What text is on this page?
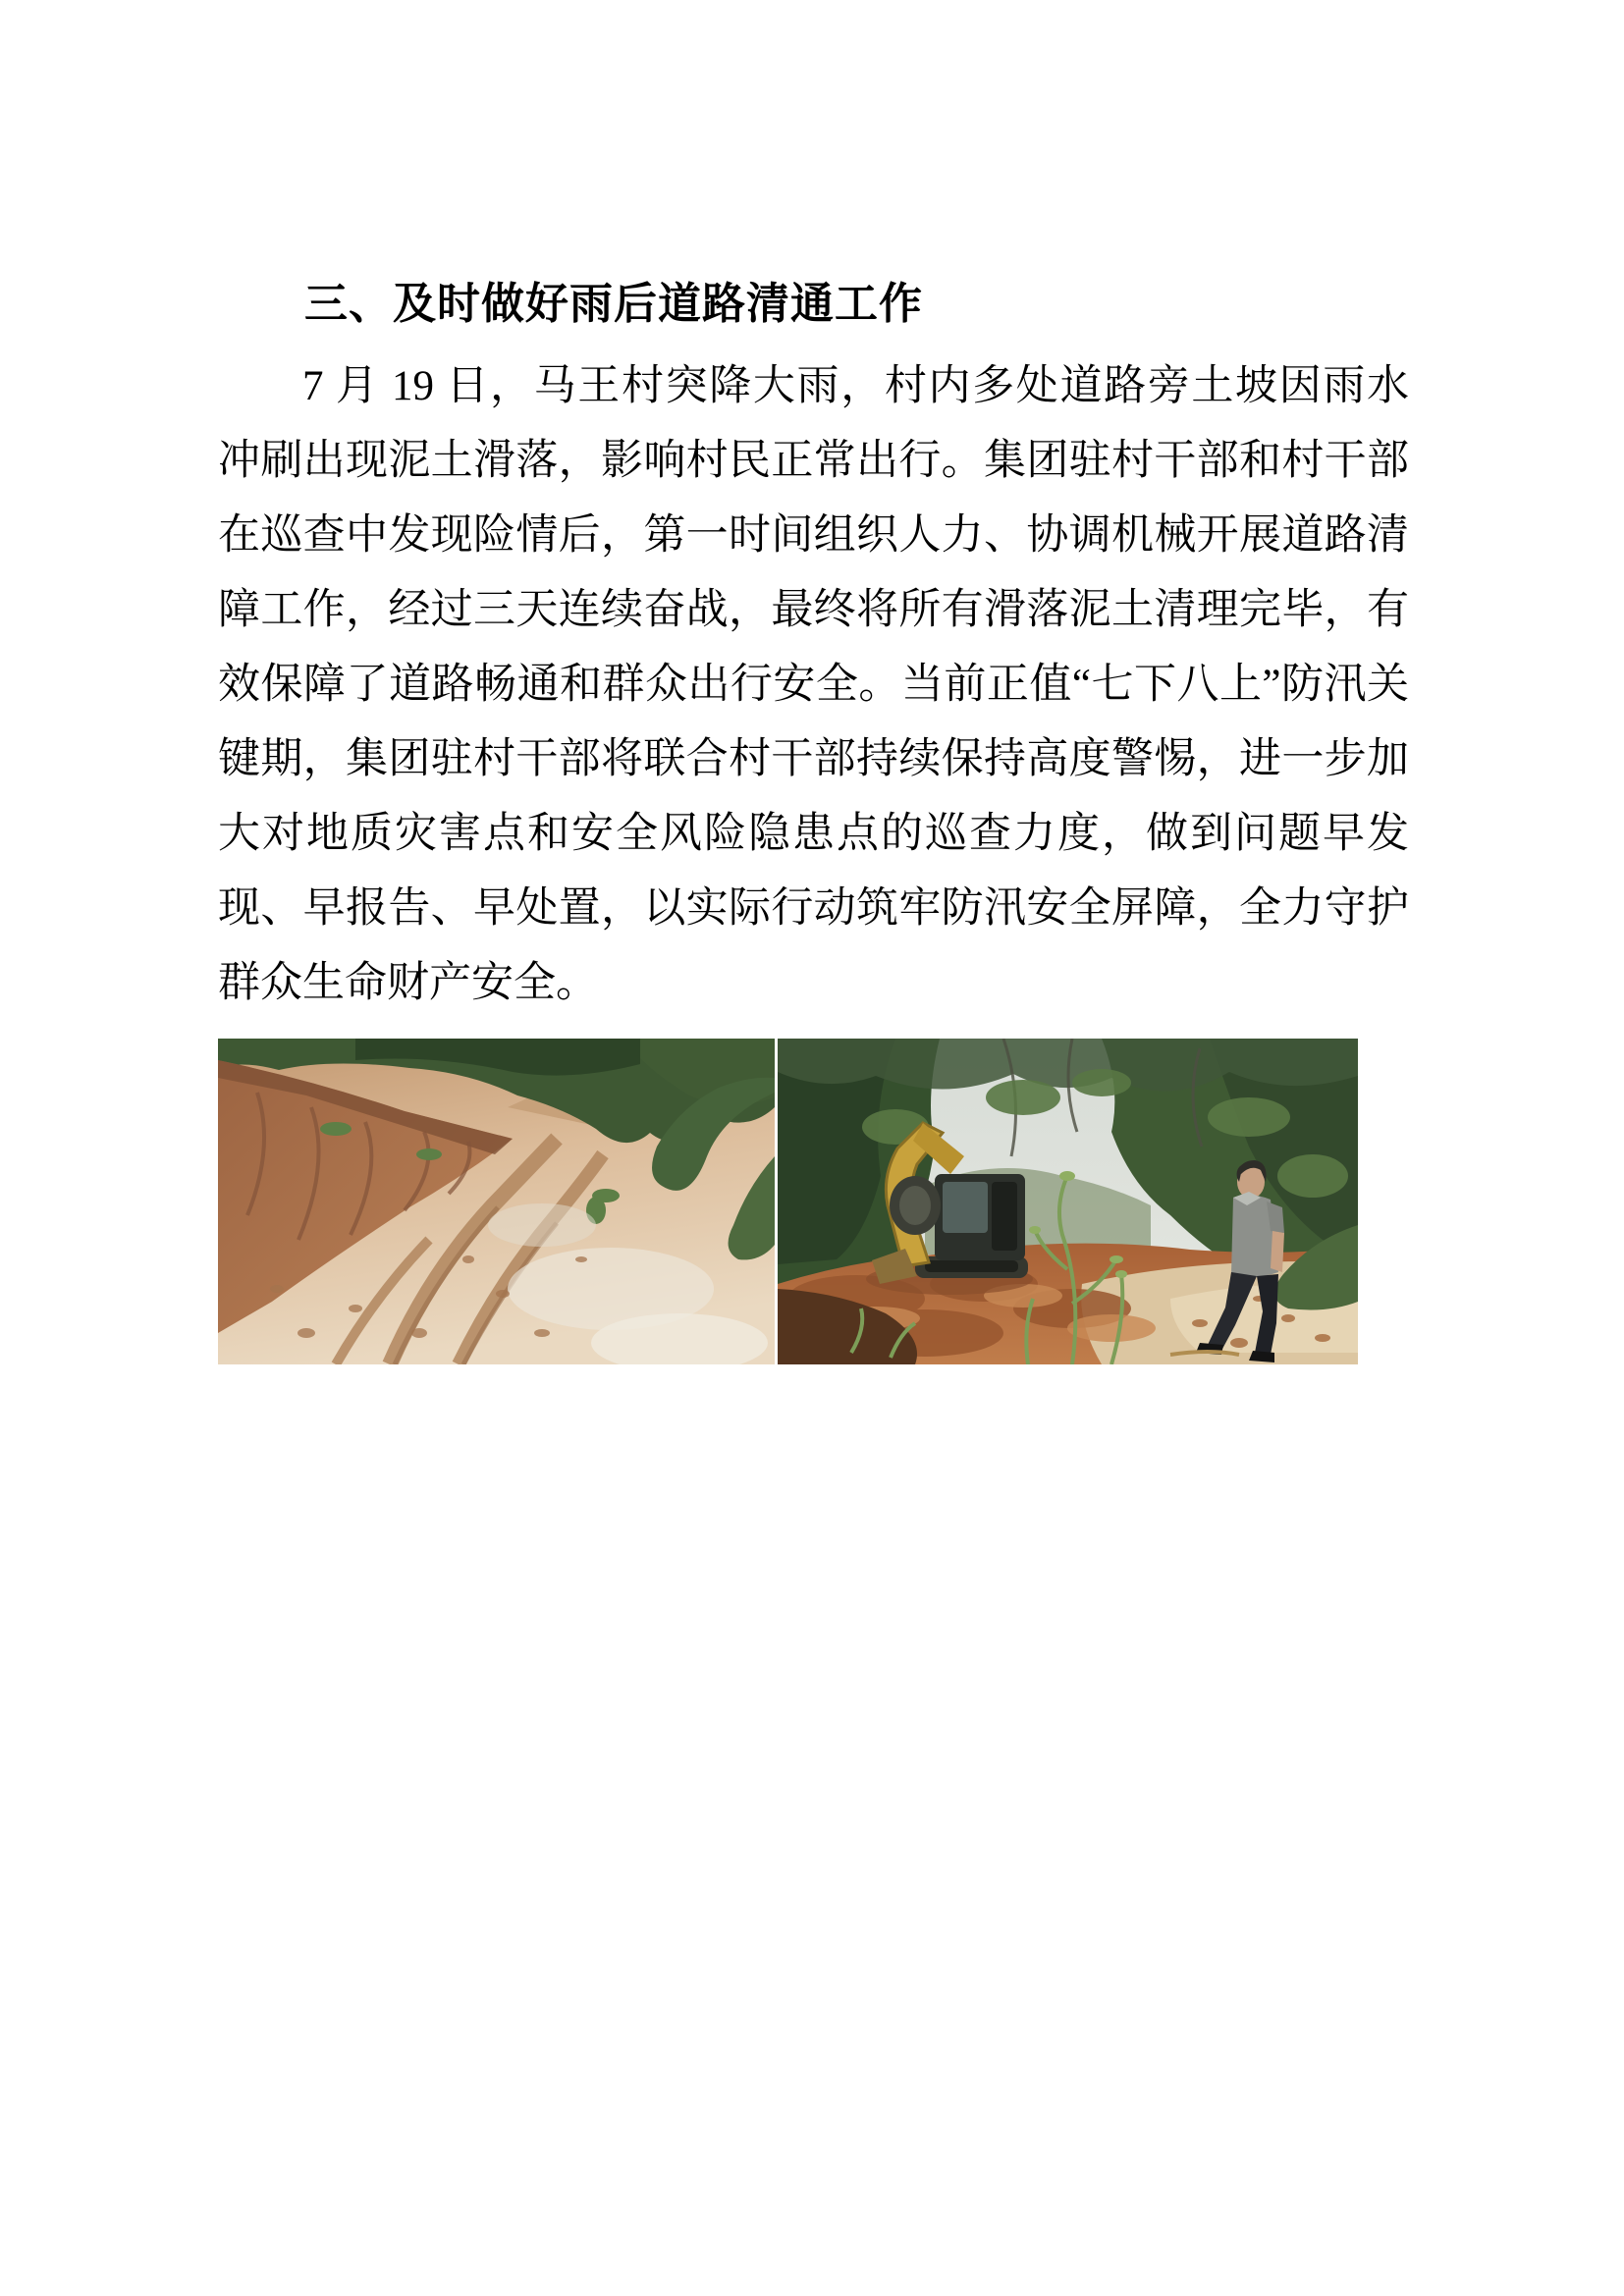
三、及时做好雨后道路清通工作

7 月 19 日，马王村突降大雨，村内多处道路旁土坡因雨水冲刷出现泥土滑落，影响村民正常出行。集团驻村干部和村干部在巡查中发现险情后，第一时间组织人力、协调机械开展道路清障工作，经过三天连续奋战，最终将所有滑落泥土清理完毕，有效保障了道路畅通和群众出行安全。当前正值“七下八上”防汛关键期，集团驻村干部将联合村干部持续保持高度警惕，进一步加大对地质灾害点和安全风险隐患点的巡查力度，做到问题早发现、早报告、早处置，以实际行动筑牢防汛安全屏障，全力守护群众生命财产安全。
